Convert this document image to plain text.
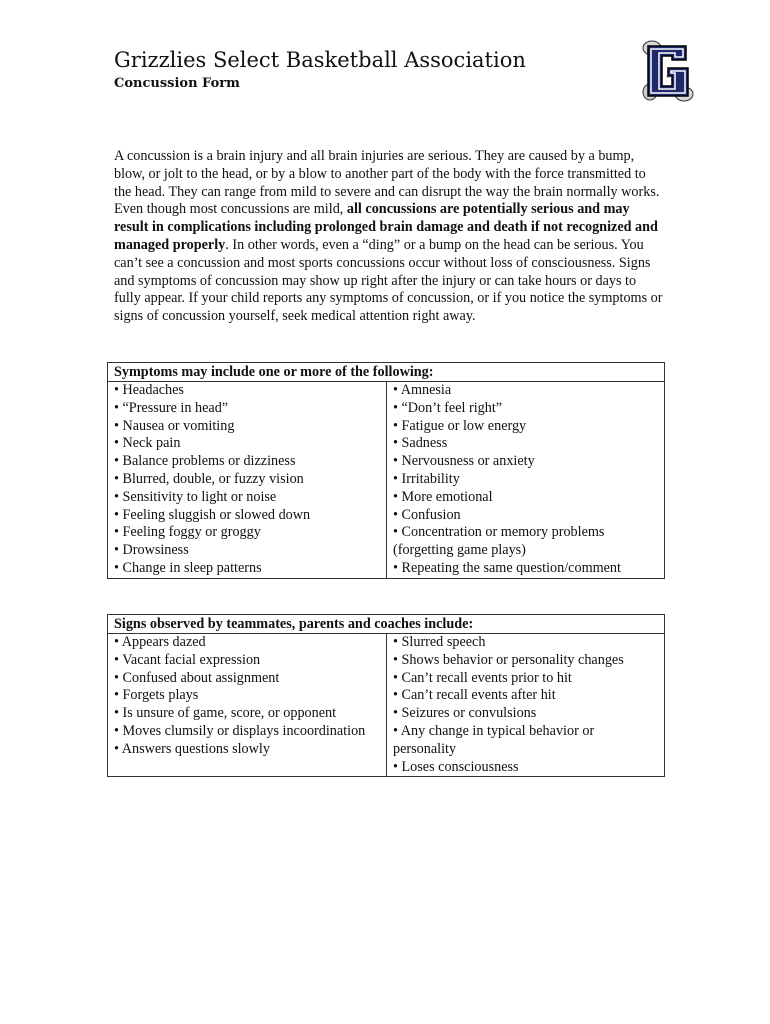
Grizzlies Select Basketball Association
Concussion Form	G
A concussion is a brain injury and all brain injuries are serious. They are caused by a bump, blow, or jolt to the head, or by a blow to another part of the body with the force transmitted to the head. They can range from mild to severe and can disrupt the way the brain normally works. Even though most concussions are mild, all concussions are potentially serious and may result in complications including prolonged brain damage and death if not recognized and managed properly. In other words, even a “ding” or a bump on the head can be serious. You can’t see a concussion and most sports concussions occur without loss of consciousness. Signs and symptoms of concussion may show up right after the injury or can take hours or days to fully appear. If your child reports any symptoms of concussion, or if you notice the symptoms or signs of concussion yourself, seek medical attention right away.
Symptoms may include one or more of the following:

• Headaches
• “Pressure in head”
• Nausea or vomiting
• Neck pain
• Balance problems or dizziness
• Blurred, double, or fuzzy vision
• Sensitivity to light or noise
• Feeling sluggish or slowed down
• Feeling foggy or groggy
• Drowsiness
• Change in sleep patterns

• Amnesia
• “Don’t feel right”
• Fatigue or low energy
• Sadness
• Nervousness or anxiety
• Irritability
• More emotional
• Confusion
• Concentration or memory problems (forgetting game plays)
• Repeating the same question/comment
Signs observed by teammates, parents and coaches include:

• Appears dazed
• Vacant facial expression
• Confused about assignment
• Forgets plays
• Is unsure of game, score, or opponent
• Moves clumsily or displays incoordination
• Answers questions slowly

• Slurred speech
• Shows behavior or personality changes
• Can’t recall events prior to hit
• Can’t recall events after hit
• Seizures or convulsions
• Any change in typical behavior or personality
• Loses consciousness
